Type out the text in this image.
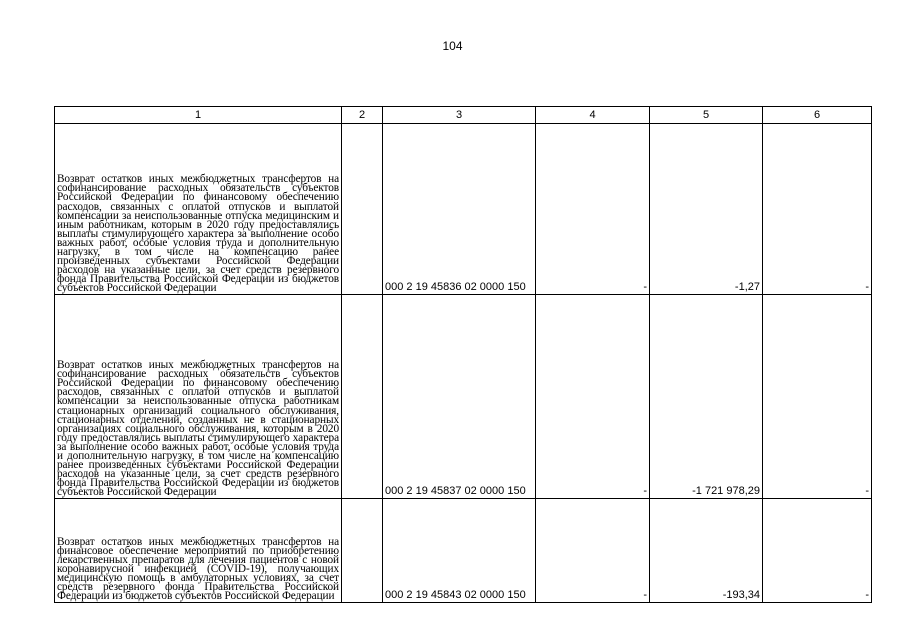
104
1	2	3	4	5	6
Возврат остатков иных межбюджетных трансфертов на софинансирование расходных обязательств субъектов Российской Федерации по финансовому обеспечению расходов, связанных с оплатой отпусков и выплатой компенсации за неиспользованные отпуска медицинским и иным работникам, которым в 2020 году предоставлялись выплаты стимулирующего характера за выполнение особо важных работ, особые условия труда и дополнительную нагрузку, в том числе на компенсацию ранее произведенных субъектами Российской Федерации расходов на указанные цели, за счет средств резервного фонда Правительства Российской Федерации из бюджетов субъектов Российской Федерации		000 2 19 45836 02 0000 150	-	-1,27	-
Возврат остатков иных межбюджетных трансфертов на софинансирование расходных обязательств субъектов Российской Федерации по финансовому обеспечению расходов, связанных с оплатой отпусков и выплатой компенсации за неиспользованные отпуска работникам стационарных организаций социального обслуживания, стационарных отделений, созданных не в стационарных организациях социального обслуживания, которым в 2020 году предоставлялись выплаты стимулирующего характера за выполнение особо важных работ, особые условия труда и дополнительную нагрузку, в том числе на компенсацию ранее произведенных субъектами Российской Федерации расходов на указанные цели, за счет средств резервного фонда Правительства Российской Федерации из бюджетов субъектов Российской Федерации		000 2 19 45837 02 0000 150	-	-1 721 978,29	-
Возврат остатков иных межбюджетных трансфертов на финансовое обеспечение мероприятий по приобретению лекарственных препаратов для лечения пациентов с новой коронавирусной инфекцией (COVID-19), получающих медицинскую помощь в амбулаторных условиях, за счет средств резервного фонда Правительства Российской Федерации из бюджетов субъектов Российской Федерации		000 2 19 45843 02 0000 150	-	-193,34	-
